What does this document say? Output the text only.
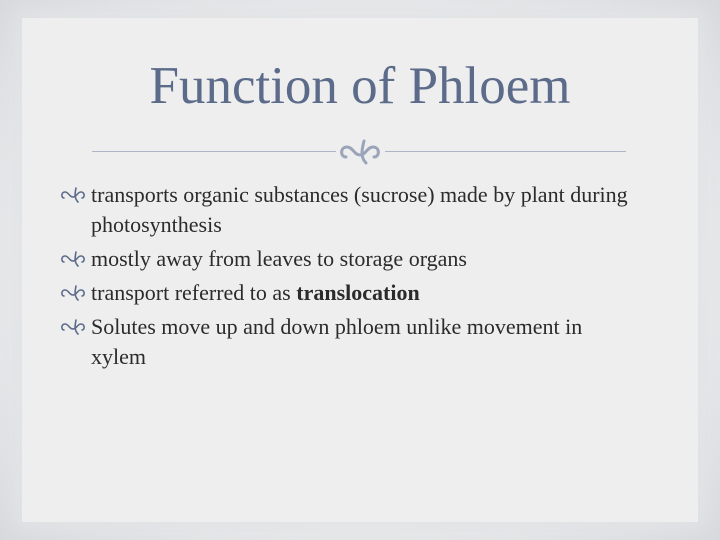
Function of Phloem
transports organic substances (sucrose) made by plant during photosynthesis
mostly away from leaves to storage organs
transport referred to as translocation
Solutes move up and down phloem unlike movement in xylem
